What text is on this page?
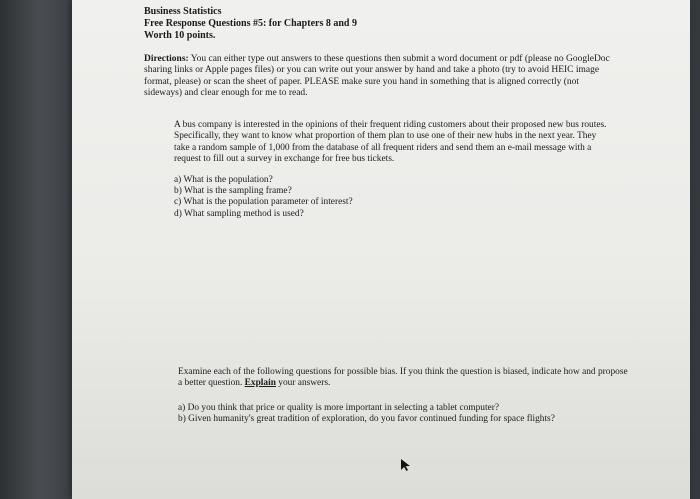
Business Statistics
Free Response Questions #5: for Chapters 8 and 9
Worth 10 points.
Directions: You can either type out answers to these questions then submit a word document or pdf (please no GoogleDoc sharing links or Apple pages files) or you can write out your answer by hand and take a photo (try to avoid HEIC image format, please) or scan the sheet of paper. PLEASE make sure you hand in something that is aligned correctly (not sideways) and clear enough for me to read.
A bus company is interested in the opinions of their frequent riding customers about their proposed new bus routes. Specifically, they want to know what proportion of them plan to use one of their new hubs in the next year. They take a random sample of 1,000 from the database of all frequent riders and send them an e-mail message with a request to fill out a survey in exchange for free bus tickets.
a) What is the population?
b) What is the sampling frame?
c) What is the population parameter of interest?
d) What sampling method is used?
Examine each of the following questions for possible bias. If you think the question is biased, indicate how and propose a better question. Explain your answers.
a) Do you think that price or quality is more important in selecting a tablet computer?
b) Given humanity's great tradition of exploration, do you favor continued funding for space flights?
